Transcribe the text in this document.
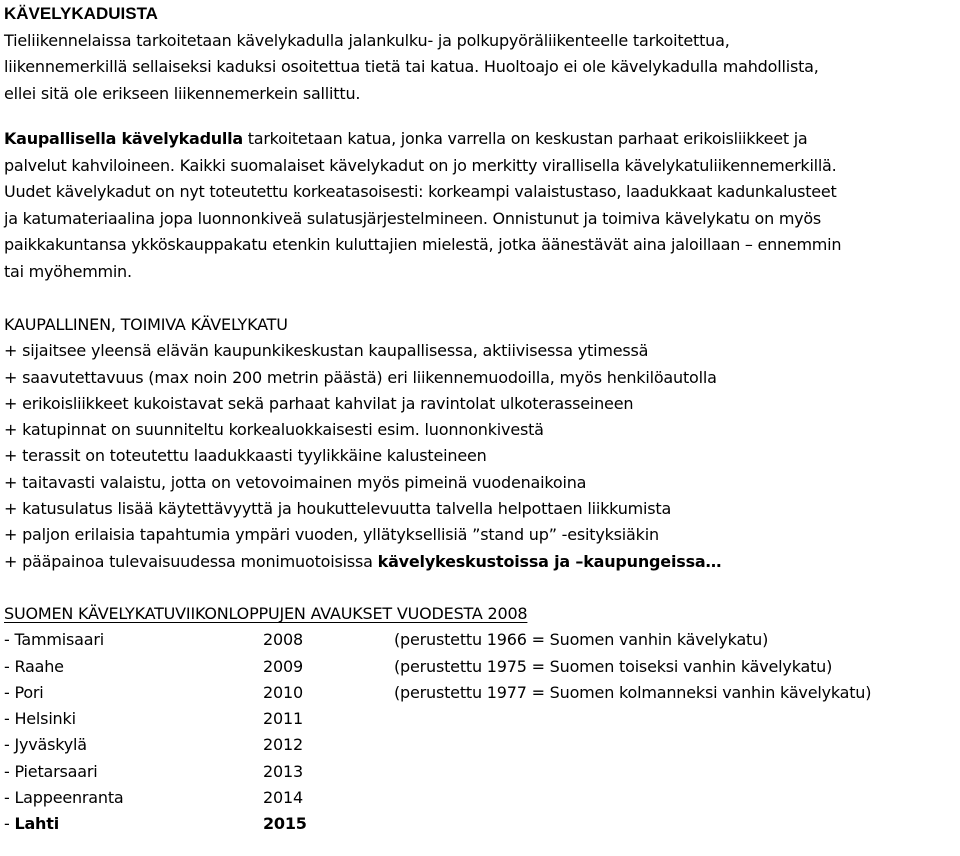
KÄVELYKADUISTA
Tieliikennelaissa tarkoitetaan kävelykadulla jalankulku- ja polkupyöräliikenteelle tarkoitettua,
liikennemerkillä sellaiseksi kaduksi osoitettua tietä tai katua. Huoltoajo ei ole kävelykadulla mahdollista,
ellei sitä ole erikseen liikennemerkein sallittu.
Kaupallisella kävelykadulla tarkoitetaan katua, jonka varrella on keskustan parhaat erikoisliikkeet ja
palvelut kahviloineen. Kaikki suomalaiset kävelykadut on jo merkitty virallisella kävelykatuliikennemerkillä.
Uudet kävelykadut on nyt toteutettu korkeatasoisesti: korkeampi valaistustaso, laadukkaat kadunkalusteet
ja katumateriaalina jopa luonnonkiveä sulatusjärjestelmineen. Onnistunut ja toimiva kävelykatu on myös
paikkakuntansa ykköskauppakatu etenkin kuluttajien mielestä, jotka äänestävät aina jaloillaan – ennemmin
tai myöhemmin.
KAUPALLINEN, TOIMIVA KÄVELYKATU
+ sijaitsee yleensä elävän kaupunkikeskustan kaupallisessa, aktiivisessa ytimessä
+ saavutettavuus (max noin 200 metrin päästä) eri liikennemuodoilla, myös henkilöautolla
+ erikoisliikkeet kukoistavat sekä parhaat kahvilat ja ravintolat ulkoterasseineen
+ katupinnat on suunniteltu korkealuokkaisesti esim. luonnonkivestä
+ terassit on toteutettu laadukkaasti tyylikkäine kalusteineen
+ taitavasti valaistu, jotta on vetovoimainen myös pimeinä vuodenaikoina
+ katusulatus lisää käytettävyyttä ja houkuttelevuutta talvella helpottaen liikkumista
+ paljon erilaisia tapahtumia ympäri vuoden, yllätyksellisiä ”stand up” -esityksiäkin
+ pääpainoa tulevaisuudessa monimuotoisissa kävelykeskustoissa ja –kaupungeissa…
SUOMEN KÄVELYKATUVIIKONLOPPUJEN AVAUKSET VUODESTA 2008
- Tammisaari	2008	(perustettu 1966 = Suomen vanhin kävelykatu)
- Raahe	2009	(perustettu 1975 = Suomen toiseksi vanhin kävelykatu)
- Pori	2010	(perustettu 1977 = Suomen kolmanneksi vanhin kävelykatu)
- Helsinki	2011
- Jyväskylä	2012
- Pietarsaari	2013
- Lappeenranta	2014
- Lahti	2015
